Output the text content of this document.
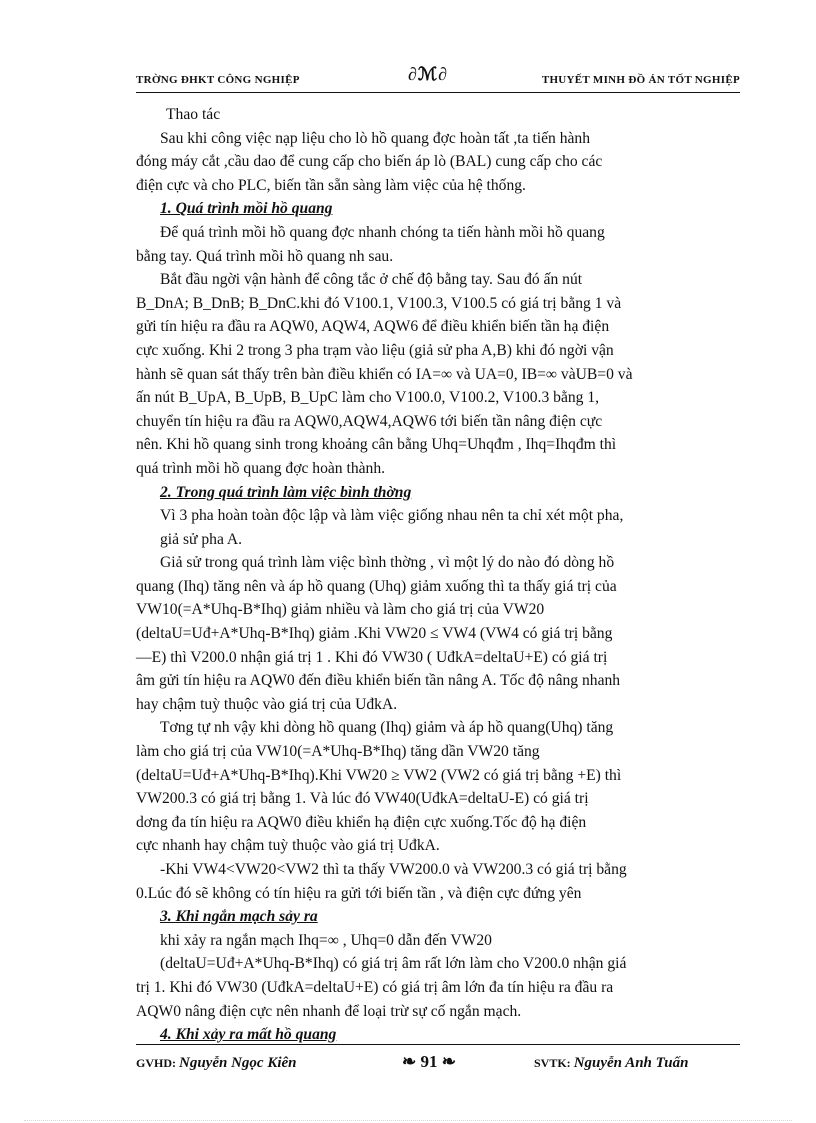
TRỜNG ĐHKT CÔNG NGHIỆP	∂ℳ∂	THUYẾT MINH ĐỒ ÁN TỐT NGHIỆP
Thao tác
Sau khi công việc nạp liệu cho lò hồ quang đợc hoàn tất ,ta tiến hành
đóng máy cắt ,cầu dao để cung cấp cho biến áp lò (BAL) cung cấp cho các
điện cực và cho PLC, biến tần sẵn sàng làm việc của hệ thống.
1. Quá trình mồi hồ quang
Để quá trình mồi hồ quang đợc nhanh chóng ta tiến hành mồi hồ quang
bằng tay. Quá trình mồi hồ quang nh sau.
Bắt đầu ngời vận hành để công tắc ở chế độ bằng tay. Sau đó ấn nút
B_DnA; B_DnB; B_DnC.khi đó V100.1, V100.3, V100.5 có giá trị bằng 1 và
gửi tín hiệu ra đầu ra AQW0, AQW4, AQW6 để điều khiển biến tần hạ điện
cực xuống. Khi 2 trong 3 pha trạm vào liệu (giả sử pha A,B) khi đó ngời vận
hành sẽ quan sát thấy trên bàn điều khiển có IA=∞ và UA=0, IB=∞ vàUB=0 và
ấn nút B_UpA, B_UpB, B_UpC làm cho V100.0, V100.2, V100.3 bằng 1,
chuyển tín hiệu ra đầu ra AQW0,AQW4,AQW6 tới biến tần nâng điện cực
nên. Khi hồ quang sinh trong khoảng cân bằng Uhq=Uhqđm , Ihq=Ihqđm thì
quá trình mồi hồ quang đợc hoàn thành.
2. Trong quá trình làm việc bình thờng
Vì 3 pha hoàn toàn độc lập và làm việc giống nhau nên ta chỉ xét một pha,
giả sử pha A.
Giả sử trong quá trình làm việc bình thờng , vì một lý do nào đó dòng hồ
quang (Ihq) tăng nên và áp hồ quang (Uhq) giảm xuống thì ta thấy giá trị của
VW10(=A*Uhq-B*Ihq) giảm nhiều và làm cho giá trị của VW20
(deltaU=Uđ+A*Uhq-B*Ihq) giảm .Khi VW20 ≤ VW4 (VW4 có giá trị bằng
—E) thì V200.0 nhận giá trị 1 . Khi đó VW30 ( UđkA=deltaU+E) có giá trị
âm gửi tín hiệu ra AQW0 đến điều khiển biến tần nâng A. Tốc độ nâng nhanh
hay chậm tuỳ thuộc vào giá trị của UđkA.
Tơng tự nh vậy khi dòng hồ quang (Ihq) giảm và áp hồ quang(Uhq) tăng
làm cho giá trị của VW10(=A*Uhq-B*Ihq) tăng dần VW20 tăng
(deltaU=Uđ+A*Uhq-B*Ihq).Khi VW20 ≥ VW2 (VW2 có giá trị bằng +E) thì
VW200.3 có giá trị bằng 1. Và lúc đó VW40(UđkA=deltaU-E) có giá trị
dơng đa tín hiệu ra AQW0 điều khiển hạ điện cực xuống.Tốc độ hạ điện
cực nhanh hay chậm tuỳ thuộc vào giá trị UđkA.
-Khi VW4<VW20<VW2 thì ta thấy VW200.0 và VW200.3 có giá trị bằng
0.Lúc đó sẽ không có tín hiệu ra gửi tới biến tần , và điện cực đứng yên
3. Khi ngắn mạch sảy ra
khi xảy ra ngắn mạch Ihq=∞ , Uhq=0 dẫn đến VW20
(deltaU=Uđ+A*Uhq-B*Ihq) có giá trị âm rất lớn làm cho V200.0 nhận giá
trị 1. Khi đó VW30 (UđkA=deltaU+E) có giá trị âm lớn đa tín hiệu ra đầu ra
AQW0 nâng điện cực nên nhanh để loại trừ sự cố ngắn mạch.
4. Khi xảy ra mất hồ quang
GVHD: Nguyễn Ngọc Kiên	❧ 91 ❧	SVTK: Nguyễn Anh Tuấn
